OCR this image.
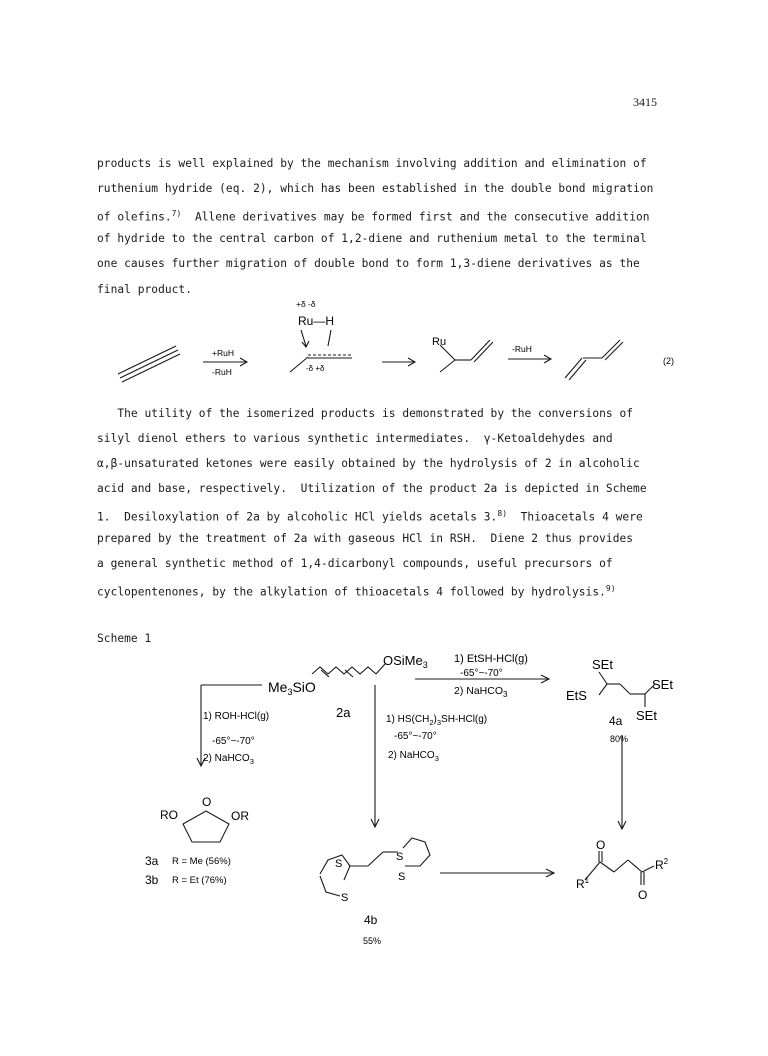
3415

products is well explained by the mechanism involving addition and elimination of

ruthenium hydride (eq. 2), which has been established in the double bond migration

of olefins.$^{7)}$  Allene derivatives may be formed first and the consecutive addition

of hydride to the central carbon of 1,2-diene and ruthenium metal to the terminal

one causes further migration of double bond to form 1,3-diene derivatives as the

final product.

The utility of the isomerized products is demonstrated by the conversions of

silyl dienol ethers to various synthetic intermediates.  γ-Ketoaldehydes and

α,β-unsaturated ketones were easily obtained by the hydrolysis of 2 in alcoholic

acid and base, respectively.  Utilization of the product 2a is depicted in Scheme

1.  Desiloxylation of 2a by alcoholic HCl yields acetals 3.$^{8)}$  Thioacetals 4 were

prepared by the treatment of 2a with gaseous HCl in RSH.  Diene 2 thus provides

a general synthetic method of 1,4-dicarbonyl compounds, useful precursors of

cyclopentenones, by the alkylation of thioacetals 4 followed by hydrolysis.$^{9)}$

+δ -δ
Ru—H
-δ +δ
+RuH
-RuH
Ru
-RuH
(2)
Scheme 1
$Me_3SiO$
OSiMe$_3$
2a
1) EtSH-HCl(g)
-65°~-70°
2) NaHCO$_3$
1) ROH-HCl(g)
-65°~-70°
2) NaHCO$_3$
1) $HS(CH_2)_3SH-HCl(g)$
-65°~-70°
2) NaHCO$_3$
SEt
SEt
EtS
SEt
4a
80%
RO
O
OR
3a R = Me (56%)
3b R = Et (76%)
S
S
S
S
4b
55%
O
O
$R^1$
$R^2$
